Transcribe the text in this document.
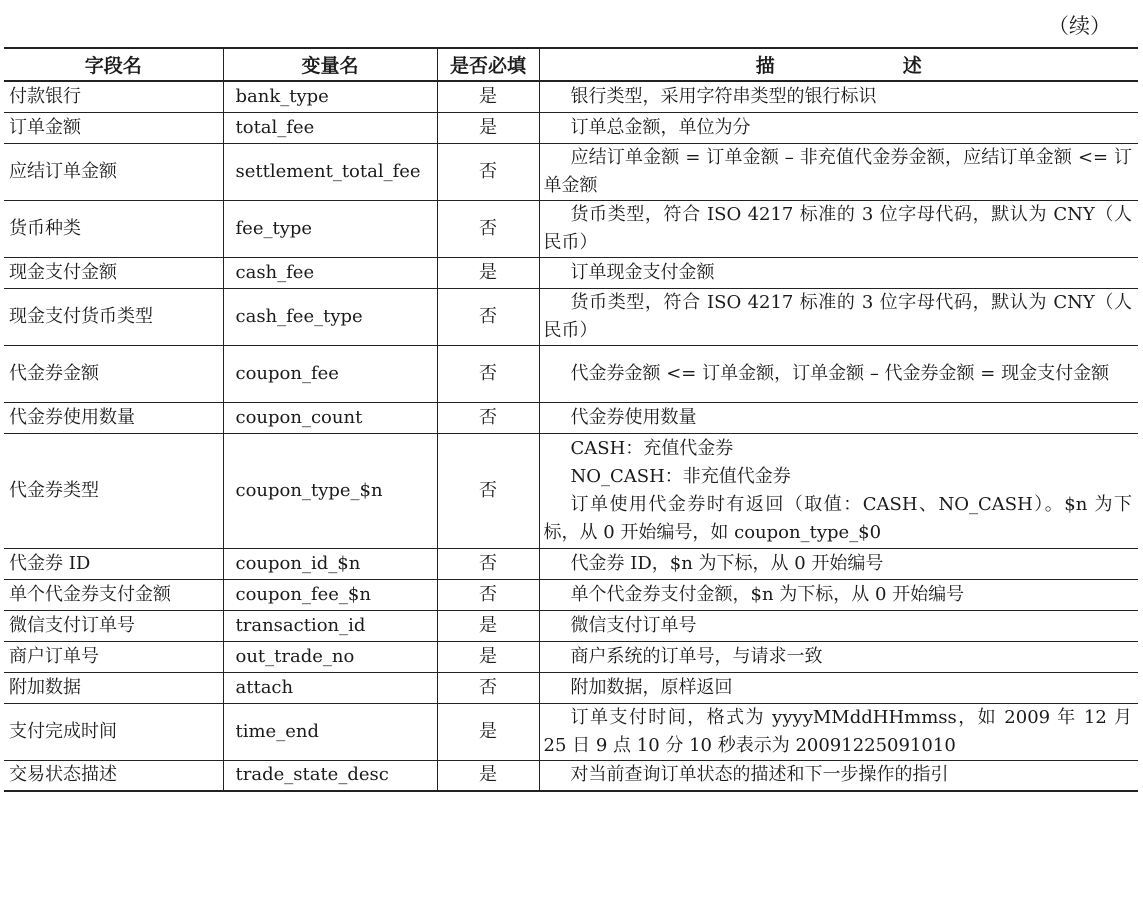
（续）
字段名	变量名	是否必填	描　　述
付款银行	bank_type	是	银行类型，采用字符串类型的银行标识

订单金额	total_fee	是	订单总金额，单位为分

应结订单金额	settlement_total_fee	否	应结订单金额 = 订单金额 – 非充值代金券金额，应结订单金额 <= 订单金额

货币种类	fee_type	否	货币类型，符合 ISO 4217 标准的 3 位字母代码，默认为 CNY（人民币）

现金支付金额	cash_fee	是	订单现金支付金额

现金支付货币类型	cash_fee_type	否	货币类型，符合 ISO 4217 标准的 3 位字母代码，默认为 CNY（人民币）

代金券金额	coupon_fee	否	代金券金额 <= 订单金额，订单金额 – 代金券金额 = 现金支付金额

代金券使用数量	coupon_count	否	代金券使用数量

代金券类型	coupon_type_$n	否	CASH：充值代金券
NO_CASH：非充值代金券
订单使用代金券时有返回（取值：CASH、NO_CASH）。$n 为下标，从 0 开始编号，如 coupon_type_$0

代金券 ID	coupon_id_$n	否	代金券 ID，$n 为下标，从 0 开始编号

单个代金券支付金额	coupon_fee_$n	否	单个代金券支付金额，$n 为下标，从 0 开始编号

微信支付订单号	transaction_id	是	微信支付订单号

商户订单号	out_trade_no	是	商户系统的订单号，与请求一致

附加数据	attach	否	附加数据，原样返回

支付完成时间	time_end	是	订单支付时间，格式为 yyyyMMddHHmmss，如 2009 年 12 月 25 日 9 点 10 分 10 秒表示为 20091225091010

交易状态描述	trade_state_desc	是	对当前查询订单状态的描述和下一步操作的指引
